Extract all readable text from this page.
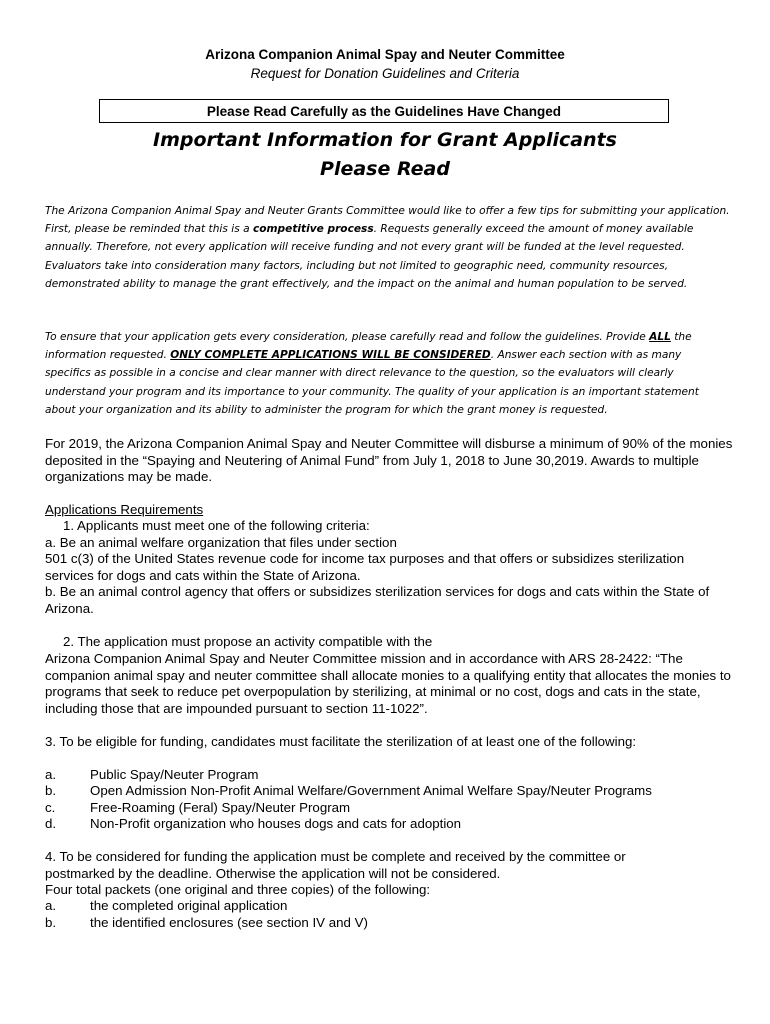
Arizona Companion Animal Spay and Neuter Committee
Request for Donation Guidelines and Criteria
Please Read Carefully as the Guidelines Have Changed
Important Information for Grant Applicants
Please Read
The Arizona Companion Animal Spay and Neuter Grants Committee would like to offer a few tips for submitting your application. First, please be reminded that this is a competitive process. Requests generally exceed the amount of money available annually. Therefore, not every application will receive funding and not every grant will be funded at the level requested. Evaluators take into consideration many factors, including but not limited to geographic need, community resources, demonstrated ability to manage the grant effectively, and the impact on the animal and human population to be served.
To ensure that your application gets every consideration, please carefully read and follow the guidelines. Provide ALL the information requested. ONLY COMPLETE APPLICATIONS WILL BE CONSIDERED. Answer each section with as many specifics as possible in a concise and clear manner with direct relevance to the question, so the evaluators will clearly understand your program and its importance to your community. The quality of your application is an important statement about your organization and its ability to administer the program for which the grant money is requested.
For 2019, the Arizona Companion Animal Spay and Neuter Committee will disburse a minimum of 90% of the monies deposited in the “Spaying and Neutering of Animal Fund” from July 1, 2018 to June 30,2019. Awards to multiple organizations may be made.
Applications Requirements
1. Applicants must meet one of the following criteria:
a. Be an animal welfare organization that files under section
501 c(3) of the United States revenue code for income tax purposes and that offers or subsidizes sterilization services for dogs and cats within the State of Arizona.
b. Be an animal control agency that offers or subsidizes sterilization services for dogs and cats within the State of Arizona.
2. The application must propose an activity compatible with the
Arizona Companion Animal Spay and Neuter Committee mission and in accordance with ARS 28-2422: “The companion animal spay and neuter committee shall allocate monies to a qualifying entity that allocates the monies to programs that seek to reduce pet overpopulation by sterilizing, at minimal or no cost, dogs and cats in the state, including those that are impounded pursuant to section 11-1022”.
3. To be eligible for funding, candidates must facilitate the sterilization of at least one of the following:
a.	Public Spay/Neuter Program
b.	Open Admission Non-Profit Animal Welfare/Government Animal Welfare Spay/Neuter Programs
c.	Free-Roaming (Feral) Spay/Neuter Program
d.	Non-Profit organization who houses dogs and cats for adoption
4. To be considered for funding the application must be complete and received by the committee or
postmarked by the deadline. Otherwise the application will not be considered.
Four total packets (one original and three copies) of the following:
a.	the completed original application
b.	the identified enclosures (see section IV and V)
